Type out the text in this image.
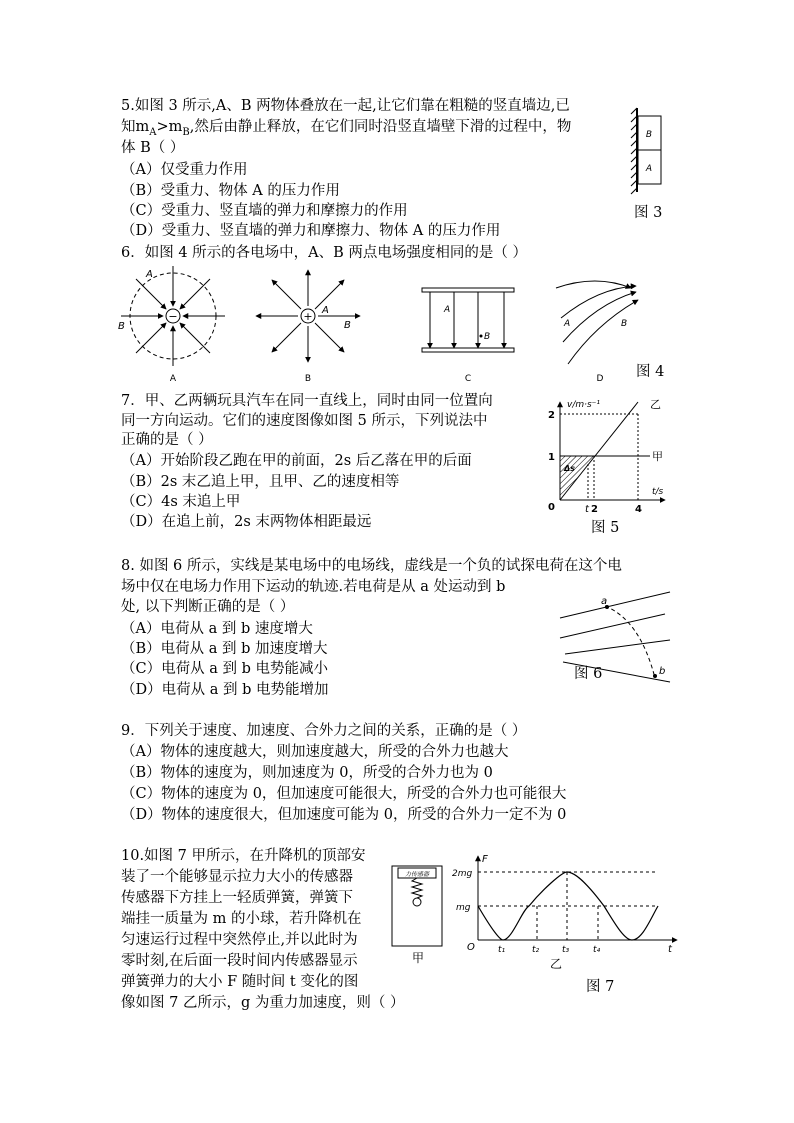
5.如图 3 所示,A、B 两物体叠放在一起,让它们靠在粗糙的竖直墙边,已
知$m_A>m_B$,然后由静止释放，在它们同时沿竖直墙壁下滑的过程中，物
体 B（ ）
（A）仅受重力作用
（B）受重力、物体 A 的压力作用
（C）受重力、竖直墙的弹力和摩擦力的作用
（D）受重力、竖直墙的弹力和摩擦力、物体 A 的压力作用
B
A
图 3
6．如图 4 所示的各电场中，A、B 两点电场强度相同的是（ ）
−
A
B
A
+ A
B
B
A
B
C
A	B
D 图 4
7．甲、乙两辆玩具汽车在同一直线上，同时由同一位置向
同一方向运动。它们的速度图像如图 5 所示，下列说法中
正确的是（ ）
（A）开始阶段乙跑在甲的前面，2s 后乙落在甲的后面
（B）2s 末乙追上甲，且甲、乙的速度相等
（C）4s 末追上甲
（D）在追上前，2s 末两物体相距最远
v/m·s⁻¹
t/s
2
1
0	t 2	4
Δs
乙
甲
图 5
8. 如图 6 所示，实线是某电场中的电场线，虚线是一个负的试探电荷在这个电
场中仅在电场力作用下运动的轨迹.若电荷是从 a 处运动到 b
处, 以下判断正确的是（ ）
（A）电荷从 a 到 b 速度增大
（B）电荷从 a 到 b 加速度增大
（C）电荷从 a 到 b 电势能减小
（D）电荷从 a 到 b 电势能增加
a
b
图 6
9．下列关于速度、加速度、合外力之间的关系，正确的是（ ）
（A）物体的速度越大，则加速度越大，所受的合外力也越大
（B）物体的速度为，则加速度为 0，所受的合外力也为 0
（C）物体的速度为 0，但加速度可能很大，所受的合外力也可能很大
（D）物体的速度很大，但加速度可能为 0，所受的合外力一定不为 0
10.如图 7 甲所示，在升降机的顶部安
装了一个能够显示拉力大小的传感器
传感器下方挂上一轻质弹簧，弹簧下
端挂一质量为 m 的小球，若升降机在
匀速运行过程中突然停止,并以此时为
零时刻,在后面一段时间内传感器显示
弹簧弹力的大小 F 随时间 t 变化的图
像如图 7 乙所示，g 为重力加速度，则（ ）
力传感器
甲
F
2mg
mg
O	t₁	t₂	t₃	t₄	t
乙
图 7
